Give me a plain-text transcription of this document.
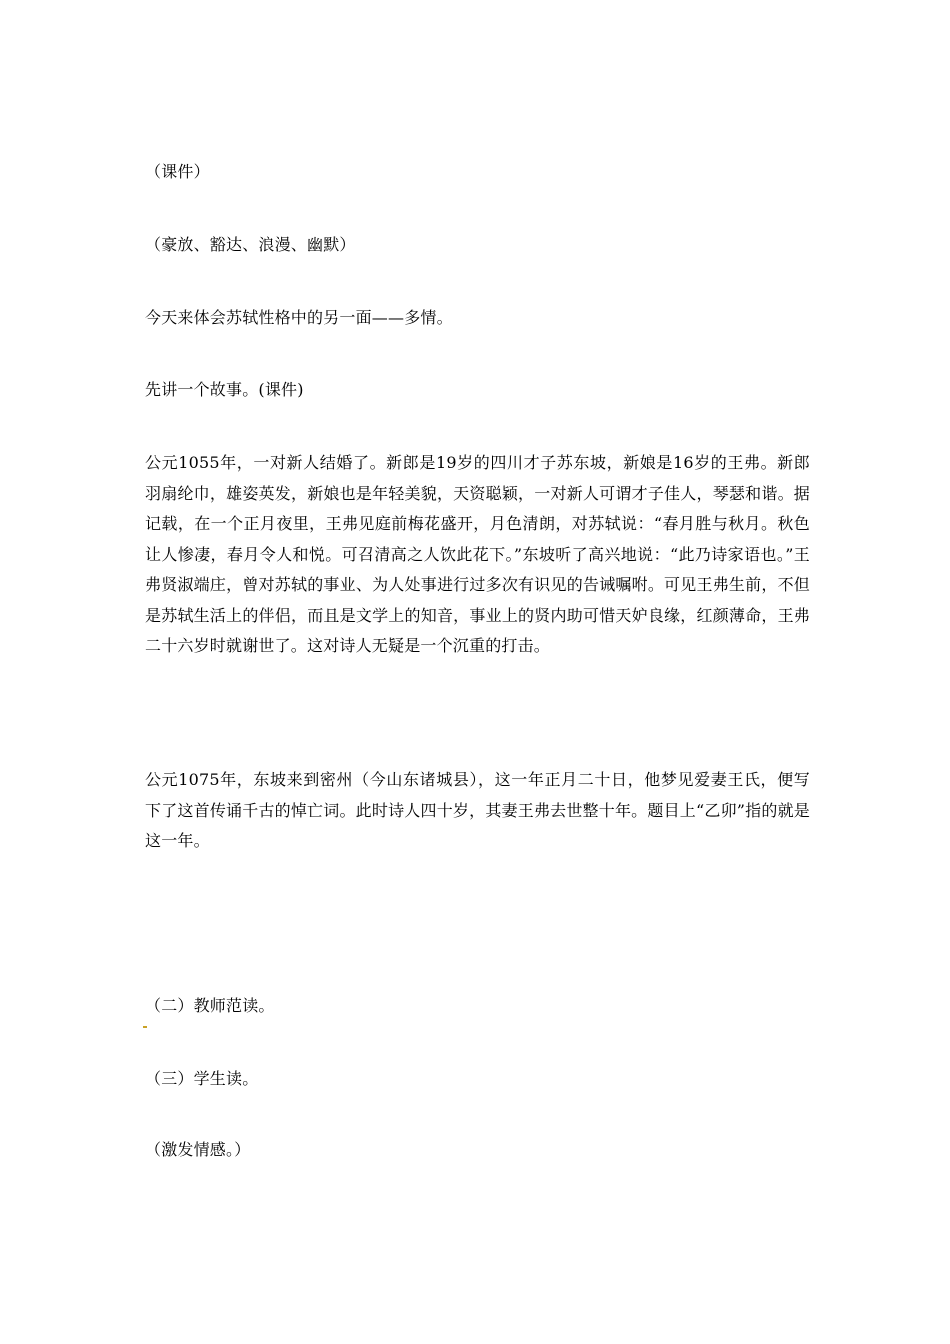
（课件）
（豪放、豁达、浪漫、幽默）
今天来体会苏轼性格中的另一面——多情。
先讲一个故事。(课件)
公元1055年，一对新人结婚了。新郎是19岁的四川才子苏东坡，新娘是16岁的王弗。新郎羽扇纶巾，雄姿英发，新娘也是年轻美貌，天资聪颖，一对新人可谓才子佳人，琴瑟和谐。据记载，在一个正月夜里，王弗见庭前梅花盛开，月色清朗，对苏轼说：“春月胜与秋月。秋色让人惨凄，春月令人和悦。可召清高之人饮此花下。”东坡听了高兴地说：“此乃诗家语也。”王弗贤淑端庄，曾对苏轼的事业、为人处事进行过多次有识见的告诫嘱咐。可见王弗生前，不但是苏轼生活上的伴侣，而且是文学上的知音，事业上的贤内助可惜天妒良缘，红颜薄命，王弗二十六岁时就谢世了。这对诗人无疑是一个沉重的打击。
公元1075年，东坡来到密州（今山东诸城县），这一年正月二十日，他梦见爱妻王氏，便写下了这首传诵千古的悼亡词。此时诗人四十岁，其妻王弗去世整十年。题目上“乙卯”指的就是这一年。
（二）教师范读。
（三）学生读。
（激发情感。）
